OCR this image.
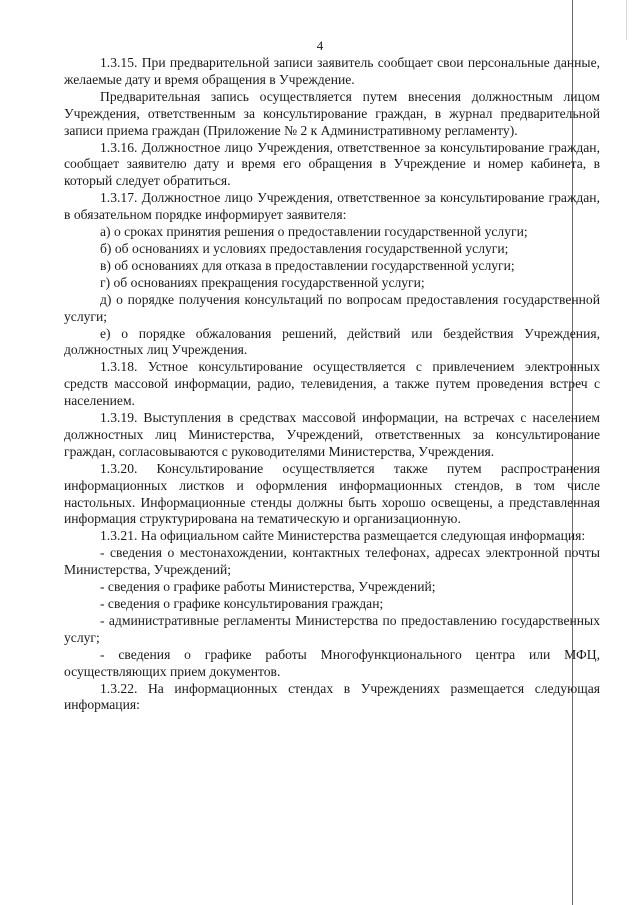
4

1.3.15. При предварительной записи заявитель сообщает свои персональные данные, желаемые дату и время обращения в Учреждение.

Предварительная запись осуществляется путем внесения должностным лицом Учреждения, ответственным за консультирование граждан, в журнал предварительной записи приема граждан (Приложение № 2 к Административному регламенту).

1.3.16. Должностное лицо Учреждения, ответственное за консультирование граждан, сообщает заявителю дату и время его обращения в Учреждение и номер кабинета, в который следует обратиться.

1.3.17. Должностное лицо Учреждения, ответственное за консультирование граждан, в обязательном порядке информирует заявителя:

а) о сроках принятия решения о предоставлении государственной услуги;

б) об основаниях и условиях предоставления государственной услуги;

в) об основаниях для отказа в предоставлении государственной услуги;

г) об основаниях прекращения государственной услуги;

д) о порядке получения консультаций по вопросам предоставления государственной услуги;

е) о порядке обжалования решений, действий или бездействия Учреждения, должностных лиц Учреждения.

1.3.18. Устное консультирование осуществляется с привлечением электронных средств массовой информации, радио, телевидения, а также путем проведения встреч с населением.

1.3.19. Выступления в средствах массовой информации, на встречах с населением должностных лиц Министерства, Учреждений, ответственных за консультирование граждан, согласовываются с руководителями Министерства, Учреждения.

1.3.20. Консультирование осуществляется также путем распространения информационных листков и оформления информационных стендов, в том числе настольных. Информационные стенды должны быть хорошо освещены, а представленная информация структурирована на тематическую и организационную.

1.3.21. На официальном сайте Министерства размещается следующая информация:

- сведения о местонахождении, контактных телефонах, адресах электронной почты Министерства, Учреждений;

- сведения о графике работы Министерства, Учреждений;

- сведения о графике консультирования граждан;

- административные регламенты Министерства по предоставлению государственных услуг;

- сведения о графике работы Многофункционального центра или МФЦ, осуществляющих прием документов.

1.3.22. На информационных стендах в Учреждениях размещается следующая информация:
